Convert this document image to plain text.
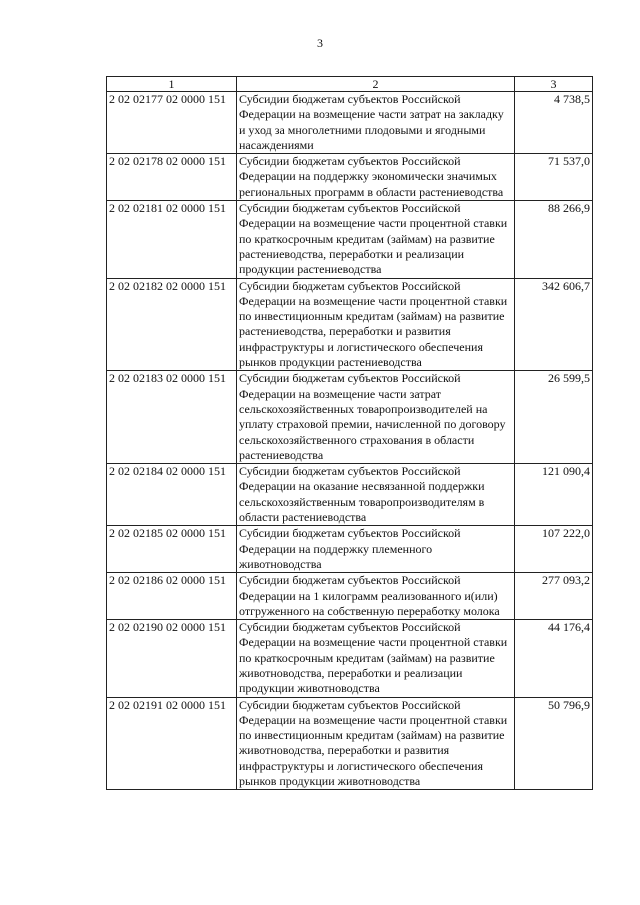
3
1	2	3
2 02 02177 02 0000 151	Субсидии бюджетам субъектов Российской Федерации на возмещение части затрат на закладку и уход за многолетними плодовыми и ягодными насаждениями	4 738,5
2 02 02178 02 0000 151	Субсидии бюджетам субъектов Российской Федерации на поддержку экономически значимых региональных программ в области растениеводства	71 537,0
2 02 02181 02 0000 151	Субсидии бюджетам субъектов Российской Федерации на возмещение части процентной ставки по краткосрочным кредитам (займам) на развитие растениеводства, переработки и реализации продукции растениеводства	88 266,9
2 02 02182 02 0000 151	Субсидии бюджетам субъектов Российской Федерации на возмещение части процентной ставки по инвестиционным кредитам (займам) на развитие растениеводства, переработки и развития инфраструктуры и логистического обеспечения рынков продукции растениеводства	342 606,7
2 02 02183 02 0000 151	Субсидии бюджетам субъектов Российской Федерации на возмещение части затрат сельскохозяйственных товаропроизводителей на уплату страховой премии, начисленной по договору сельскохозяйственного страхования в области растениеводства	26 599,5
2 02 02184 02 0000 151	Субсидии бюджетам субъектов Российской Федерации на оказание несвязанной поддержки сельскохозяйственным товаропроизводителям в области растениеводства	121 090,4
2 02 02185 02 0000 151	Субсидии бюджетам субъектов Российской Федерации на поддержку племенного животноводства	107 222,0
2 02 02186 02 0000 151	Субсидии бюджетам субъектов Российской Федерации на 1 килограмм реализованного и(или) отгруженного на собственную переработку молока	277 093,2
2 02 02190 02 0000 151	Субсидии бюджетам субъектов Российской Федерации на возмещение части процентной ставки по краткосрочным кредитам (займам) на развитие животноводства, переработки и реализации продукции животноводства	44 176,4
2 02 02191 02 0000 151	Субсидии бюджетам субъектов Российской Федерации на возмещение части процентной ставки по инвестиционным кредитам (займам) на развитие животноводства, переработки и развития инфраструктуры и логистического обеспечения рынков продукции животноводства	50 796,9
